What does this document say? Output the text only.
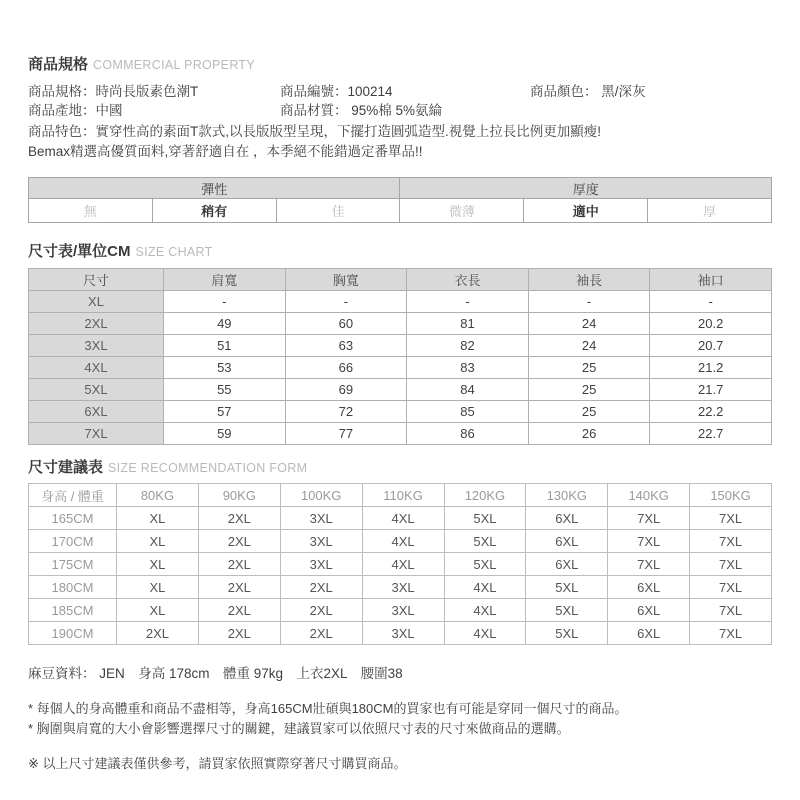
商品規格 COMMERCIAL PROPERTY
商品規格：時尚長版素色潮T	商品編號：100214	商品顏色： 黑/深灰
商品產地：中國	商品材質： 95%棉 5%氨綸
商品特色：實穿性高的素面T款式,以長版版型呈現，下擺打造圓弧造型.視覺上拉長比例更加顯瘦!
Bemax精選高優質面料,穿著舒適自在 ，本季絕不能錯過定番單品!!
彈性			厚度		
無	稍有	佳	微薄	適中	厚
尺寸表/單位CM SIZE CHART
尺寸	肩寬	胸寬	衣長	袖長	袖口
XL	-	-	-	-	-
2XL	49	60	81	24	20.2
3XL	51	63	82	24	20.7
4XL	53	66	83	25	21.2
5XL	55	69	84	25	21.7
6XL	57	72	85	25	22.2
7XL	59	77	86	26	22.7
尺寸建議表 SIZE RECOMMENDATION FORM
身高 / 體重	80KG	90KG	100KG	110KG	120KG	130KG	140KG	150KG
165CM	XL	2XL	3XL	4XL	5XL	6XL	7XL	7XL
170CM	XL	2XL	3XL	4XL	5XL	6XL	7XL	7XL
175CM	XL	2XL	3XL	4XL	5XL	6XL	7XL	7XL
180CM	XL	2XL	2XL	3XL	4XL	5XL	6XL	7XL
185CM	XL	2XL	2XL	3XL	4XL	5XL	6XL	7XL
190CM	2XL	2XL	2XL	3XL	4XL	5XL	6XL	7XL
麻豆資料： JEN　身高 178cm　體重 97kg　上衣2XL　腰圍38
* 每個人的身高體重和商品不盡相等，身高165CM壯碩與180CM的買家也有可能是穿同一個尺寸的商品。
* 胸圍與肩寬的大小會影響選擇尺寸的關鍵，建議買家可以依照尺寸表的尺寸來做商品的選購。
※ 以上尺寸建議表僅供參考，請買家依照實際穿著尺寸購買商品。
